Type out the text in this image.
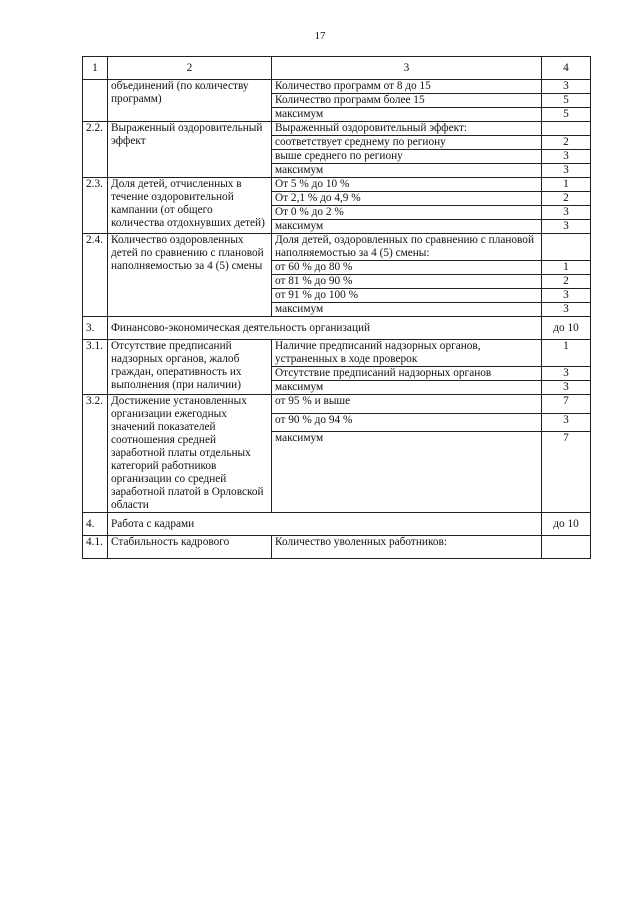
17
1	2	3	4
	объединений (по количеству программ)	Количество программ от 8 до 15	3
		Количество программ более 15	5
		максимум	5
2.2.	Выраженный оздоровительный эффект	Выраженный оздоровительный эффект:	
		соответствует среднему по региону	2
		выше среднего по региону	3
		максимум	3
2.3.	Доля детей, отчисленных в течение оздоровительной кампании (от общего количества отдохнувших детей)	От 5 % до 10 %	1
		От 2,1 % до 4,9 %	2
		От 0 % до 2 %	3
		максимум	3
2.4.	Количество оздоровленных детей по сравнению с плановой наполняемостью за 4 (5) смены	Доля детей, оздоровленных по сравнению с плановой наполняемостью за 4 (5) смены:	
		от 60 % до 80 %	1
		от 81 % до 90 %	2
		от 91 % до 100 %	3
		максимум	3
3.	Финансово-экономическая деятельность организаций		до 10
3.1.	Отсутствие предписаний надзорных органов, жалоб граждан, оперативность их выполнения (при наличии)	Наличие предписаний надзорных органов, устраненных в ходе проверок	1
		Отсутствие предписаний надзорных органов	3
		максимум	3
3.2.	Достижение установленных организации ежегодных значений показателей соотношения средней заработной платы отдельных категорий работников организации со средней заработной платой в Орловской области	от 95 % и выше	7
		от 90 % до 94 %	3
		максимум	7
4.	Работа с кадрами		до 10
4.1.	Стабильность кадрового	Количество уволенных работников:	
